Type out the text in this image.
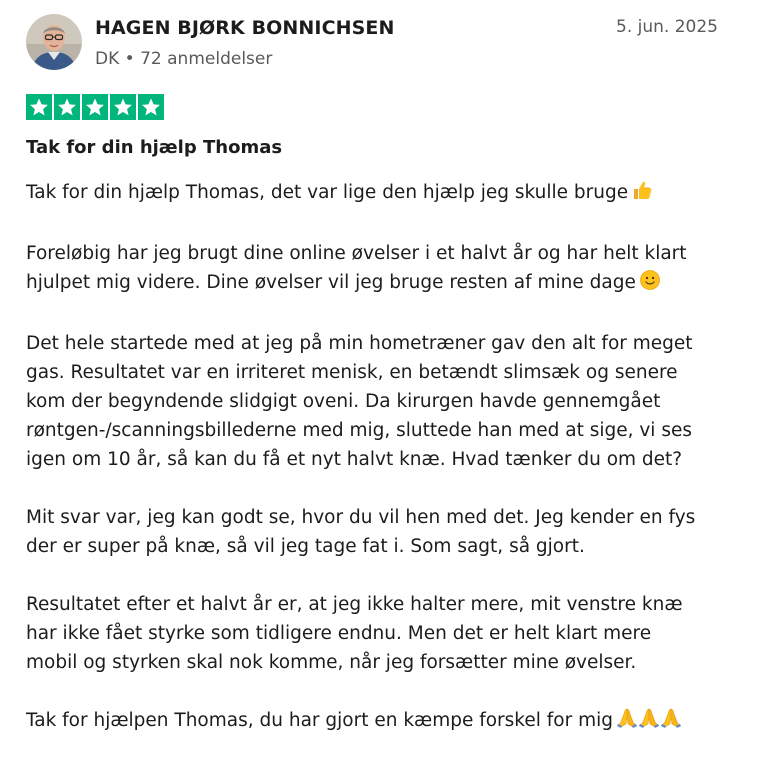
HAGEN BJØRK BONNICHSEN
DK • 72 anmeldelser
5. jun. 2025
Tak for din hjælp Thomas

Tak for din hjælp Thomas, det var lige den hjælp jeg skulle bruge

Foreløbig har jeg brugt dine online øvelser i et halvt år og har helt klart
hjulpet mig videre. Dine øvelser vil jeg bruge resten af mine dage

Det hele startede med at jeg på min hometræner gav den alt for meget
gas. Resultatet var en irriteret menisk, en betændt slimsæk og senere
kom der begyndende slidgigt oveni. Da kirurgen havde gennemgået
røntgen-/scanningsbillederne med mig, sluttede han med at sige, vi ses
igen om 10 år, så kan du få et nyt halvt knæ. Hvad tænker du om det?

Mit svar var, jeg kan godt se, hvor du vil hen med det. Jeg kender en fys
der er super på knæ, så vil jeg tage fat i. Som sagt, så gjort.

Resultatet efter et halvt år er, at jeg ikke halter mere, mit venstre knæ
har ikke fået styrke som tidligere endnu. Men det er helt klart mere
mobil og styrken skal nok komme, når jeg forsætter mine øvelser.

Tak for hjælpen Thomas, du har gjort en kæmpe forskel for mig
